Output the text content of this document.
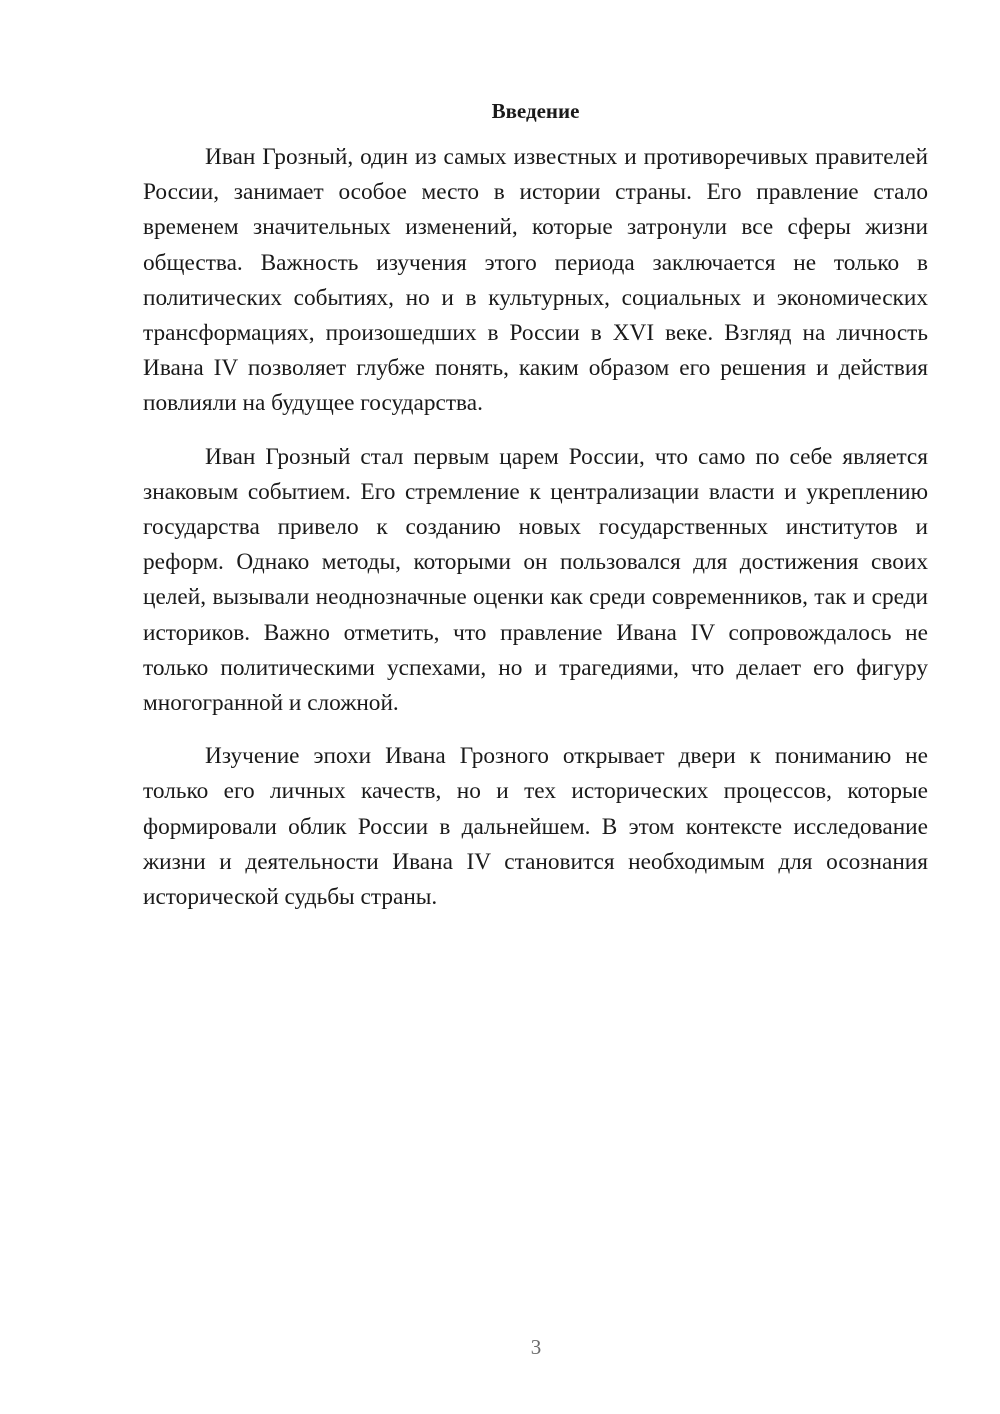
Введение

Иван Грозный, один из самых известных и противоречивых правителей России, занимает особое место в истории страны. Его правление стало временем значительных изменений, которые затронули все сферы жизни общества. Важность изучения этого периода заключается не только в политических событиях, но и в культурных, социальных и экономических трансформациях, произошедших в России в XVI веке. Взгляд на личность Ивана IV позволяет глубже понять, каким образом его решения и действия повлияли на будущее государства.

Иван Грозный стал первым царем России, что само по себе является знаковым событием. Его стремление к централизации власти и укреплению государства привело к созданию новых государственных институтов и реформ. Однако методы, которыми он пользовался для достижения своих целей, вызывали неоднозначные оценки как среди современников, так и среди историков. Важно отметить, что правление Ивана IV сопровождалось не только политическими успехами, но и трагедиями, что делает его фигуру многогранной и сложной.

Изучение эпохи Ивана Грозного открывает двери к пониманию не только его личных качеств, но и тех исторических процессов, которые формировали облик России в дальнейшем. В этом контексте исследование жизни и деятельности Ивана IV становится необходимым для осознания исторической судьбы страны.

3
